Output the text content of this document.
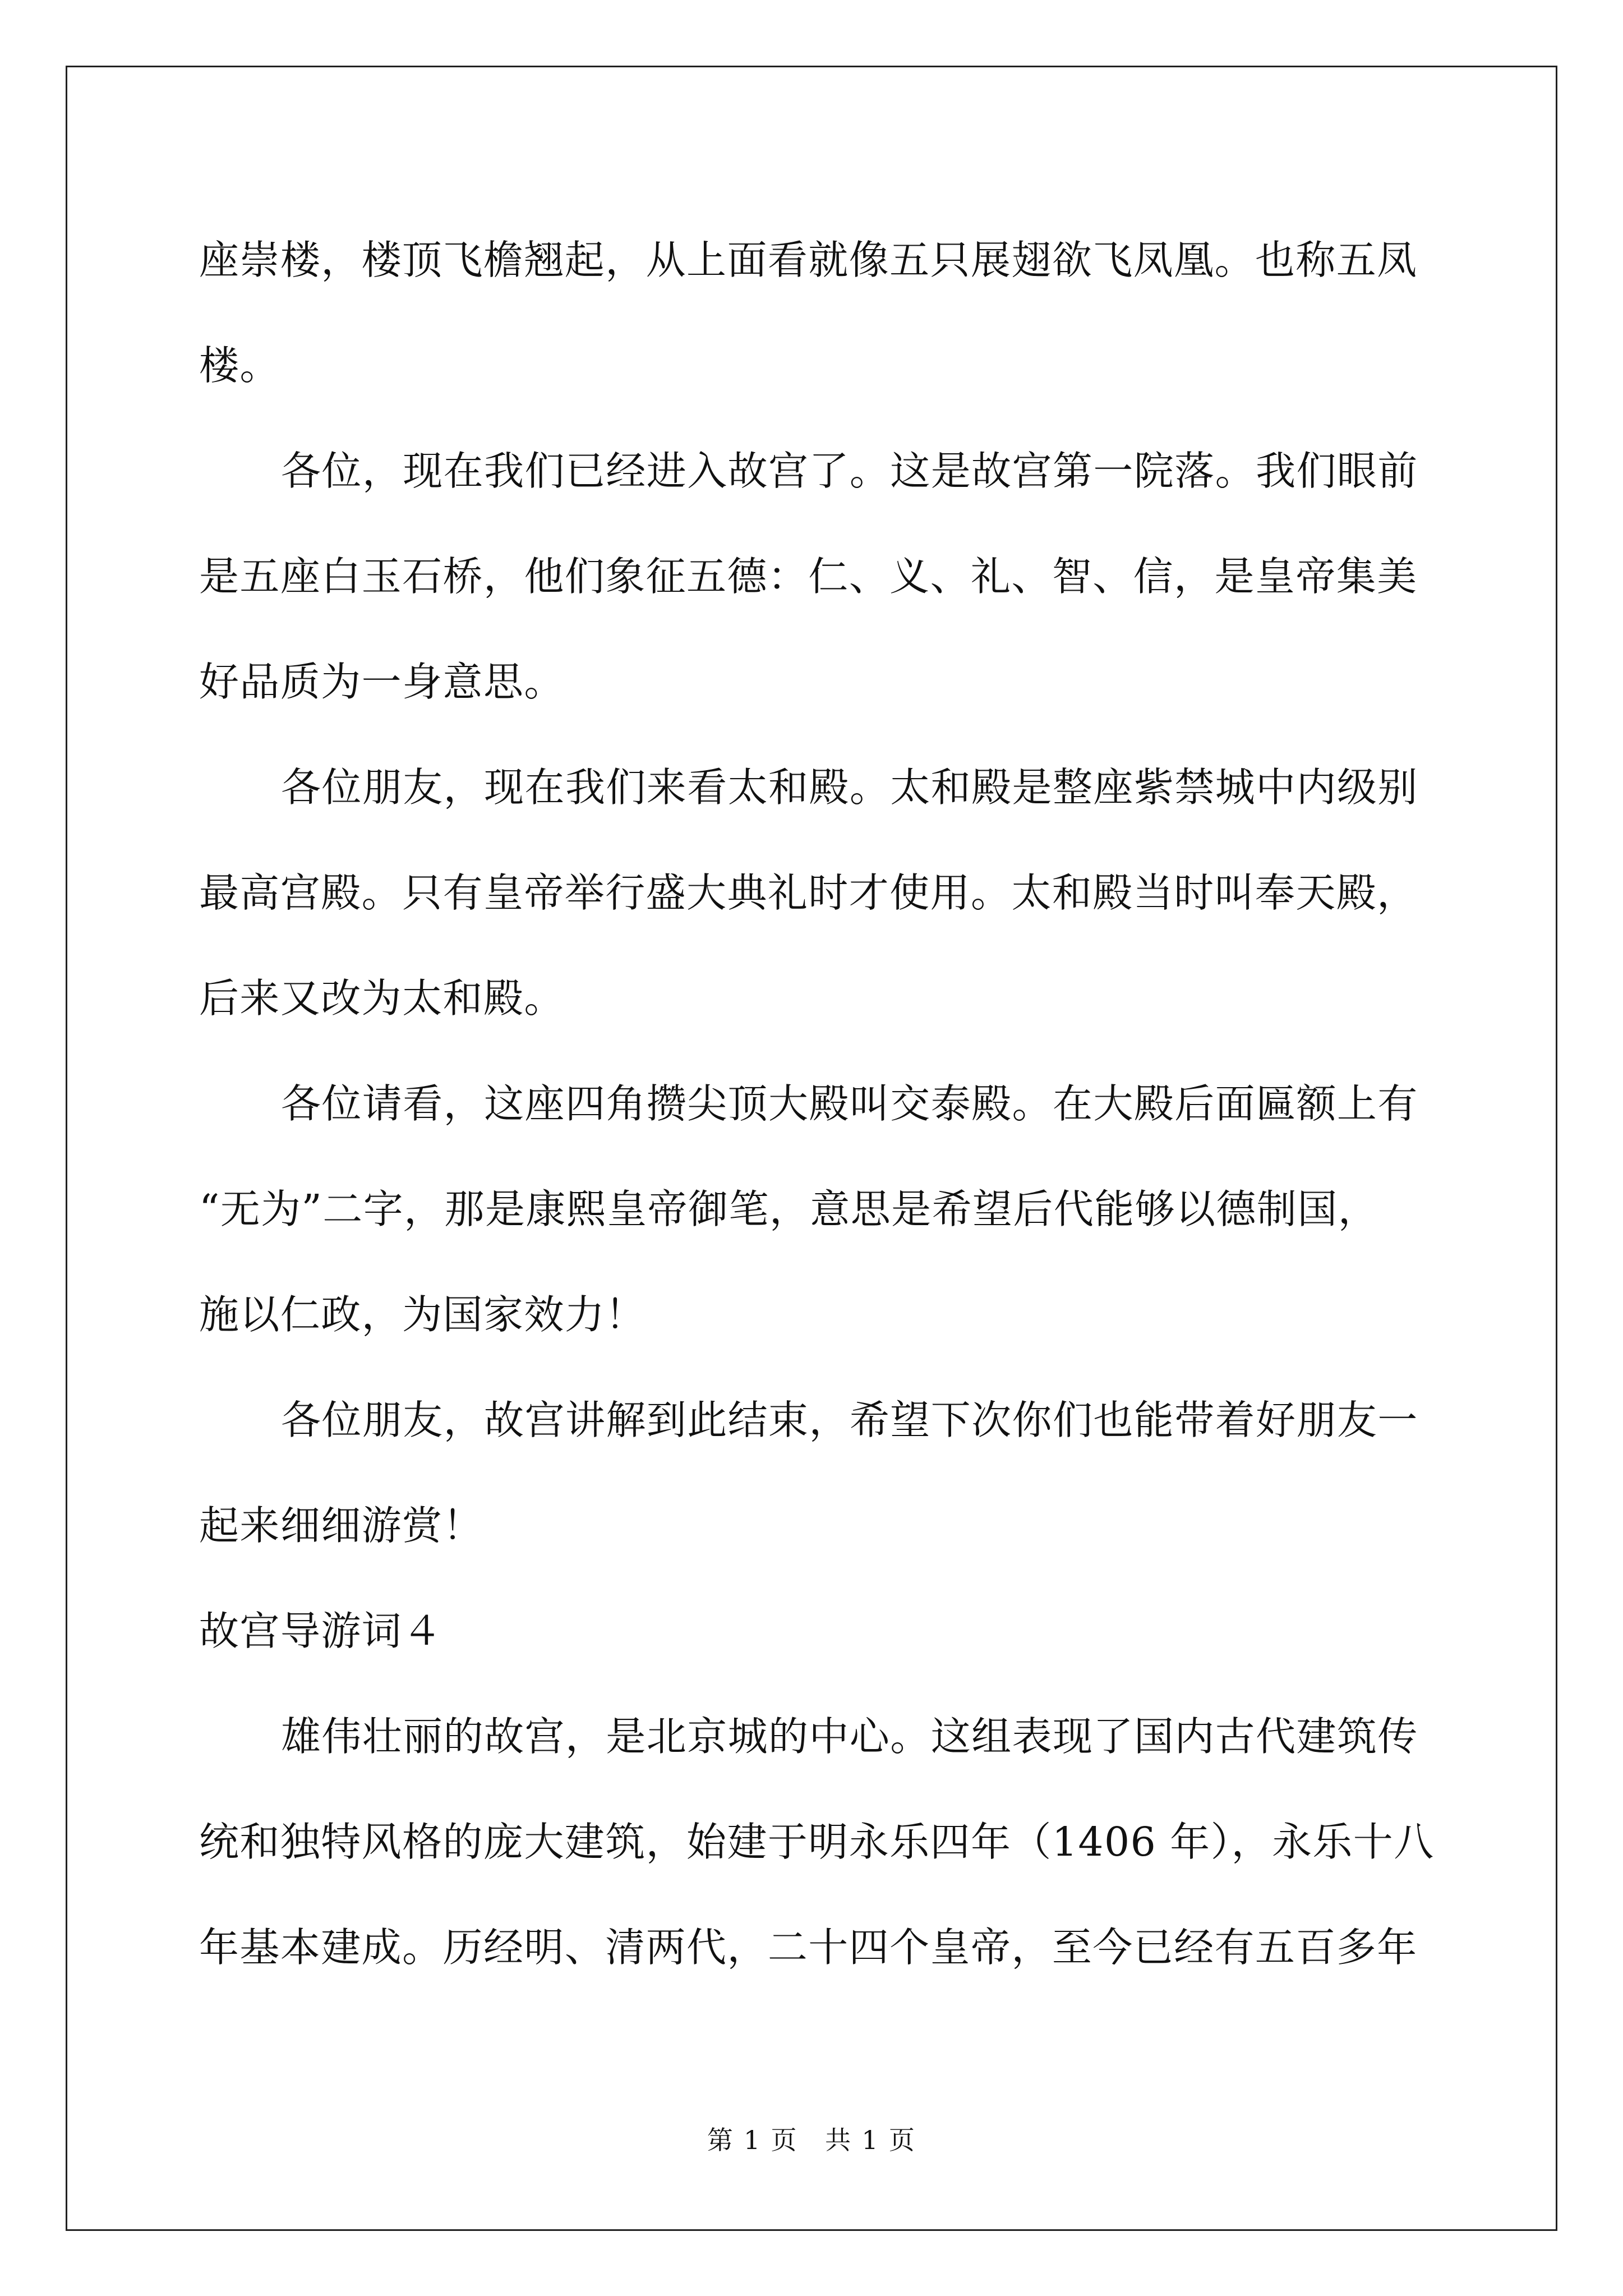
座崇楼，楼顶飞檐翘起，从上面看就像五只展翅欲飞凤凰。也称五凤
楼。
各位，现在我们已经进入故宫了。这是故宫第一院落。我们眼前
是五座白玉石桥，他们象征五德：仁、义、礼、智、信，是皇帝集美
好品质为一身意思。
各位朋友，现在我们来看太和殿。太和殿是整座紫禁城中内级别
最高宫殿。只有皇帝举行盛大典礼时才使用。太和殿当时叫奉天殿，
后来又改为太和殿。
各位请看，这座四角攒尖顶大殿叫交泰殿。在大殿后面匾额上有
“无为”二字，那是康熙皇帝御笔，意思是希望后代能够以德制国，
施以仁政，为国家效力！
各位朋友，故宫讲解到此结束，希望下次你们也能带着好朋友一
起来细细游赏！
故宫导游词４
雄伟壮丽的故宫，是北京城的中心。这组表现了国内古代建筑传
统和独特风格的庞大建筑，始建于明永乐四年（1406 年），永乐十八
年基本建成。历经明、清两代，二十四个皇帝，至今已经有五百多年
第 1 页　共 1 页
